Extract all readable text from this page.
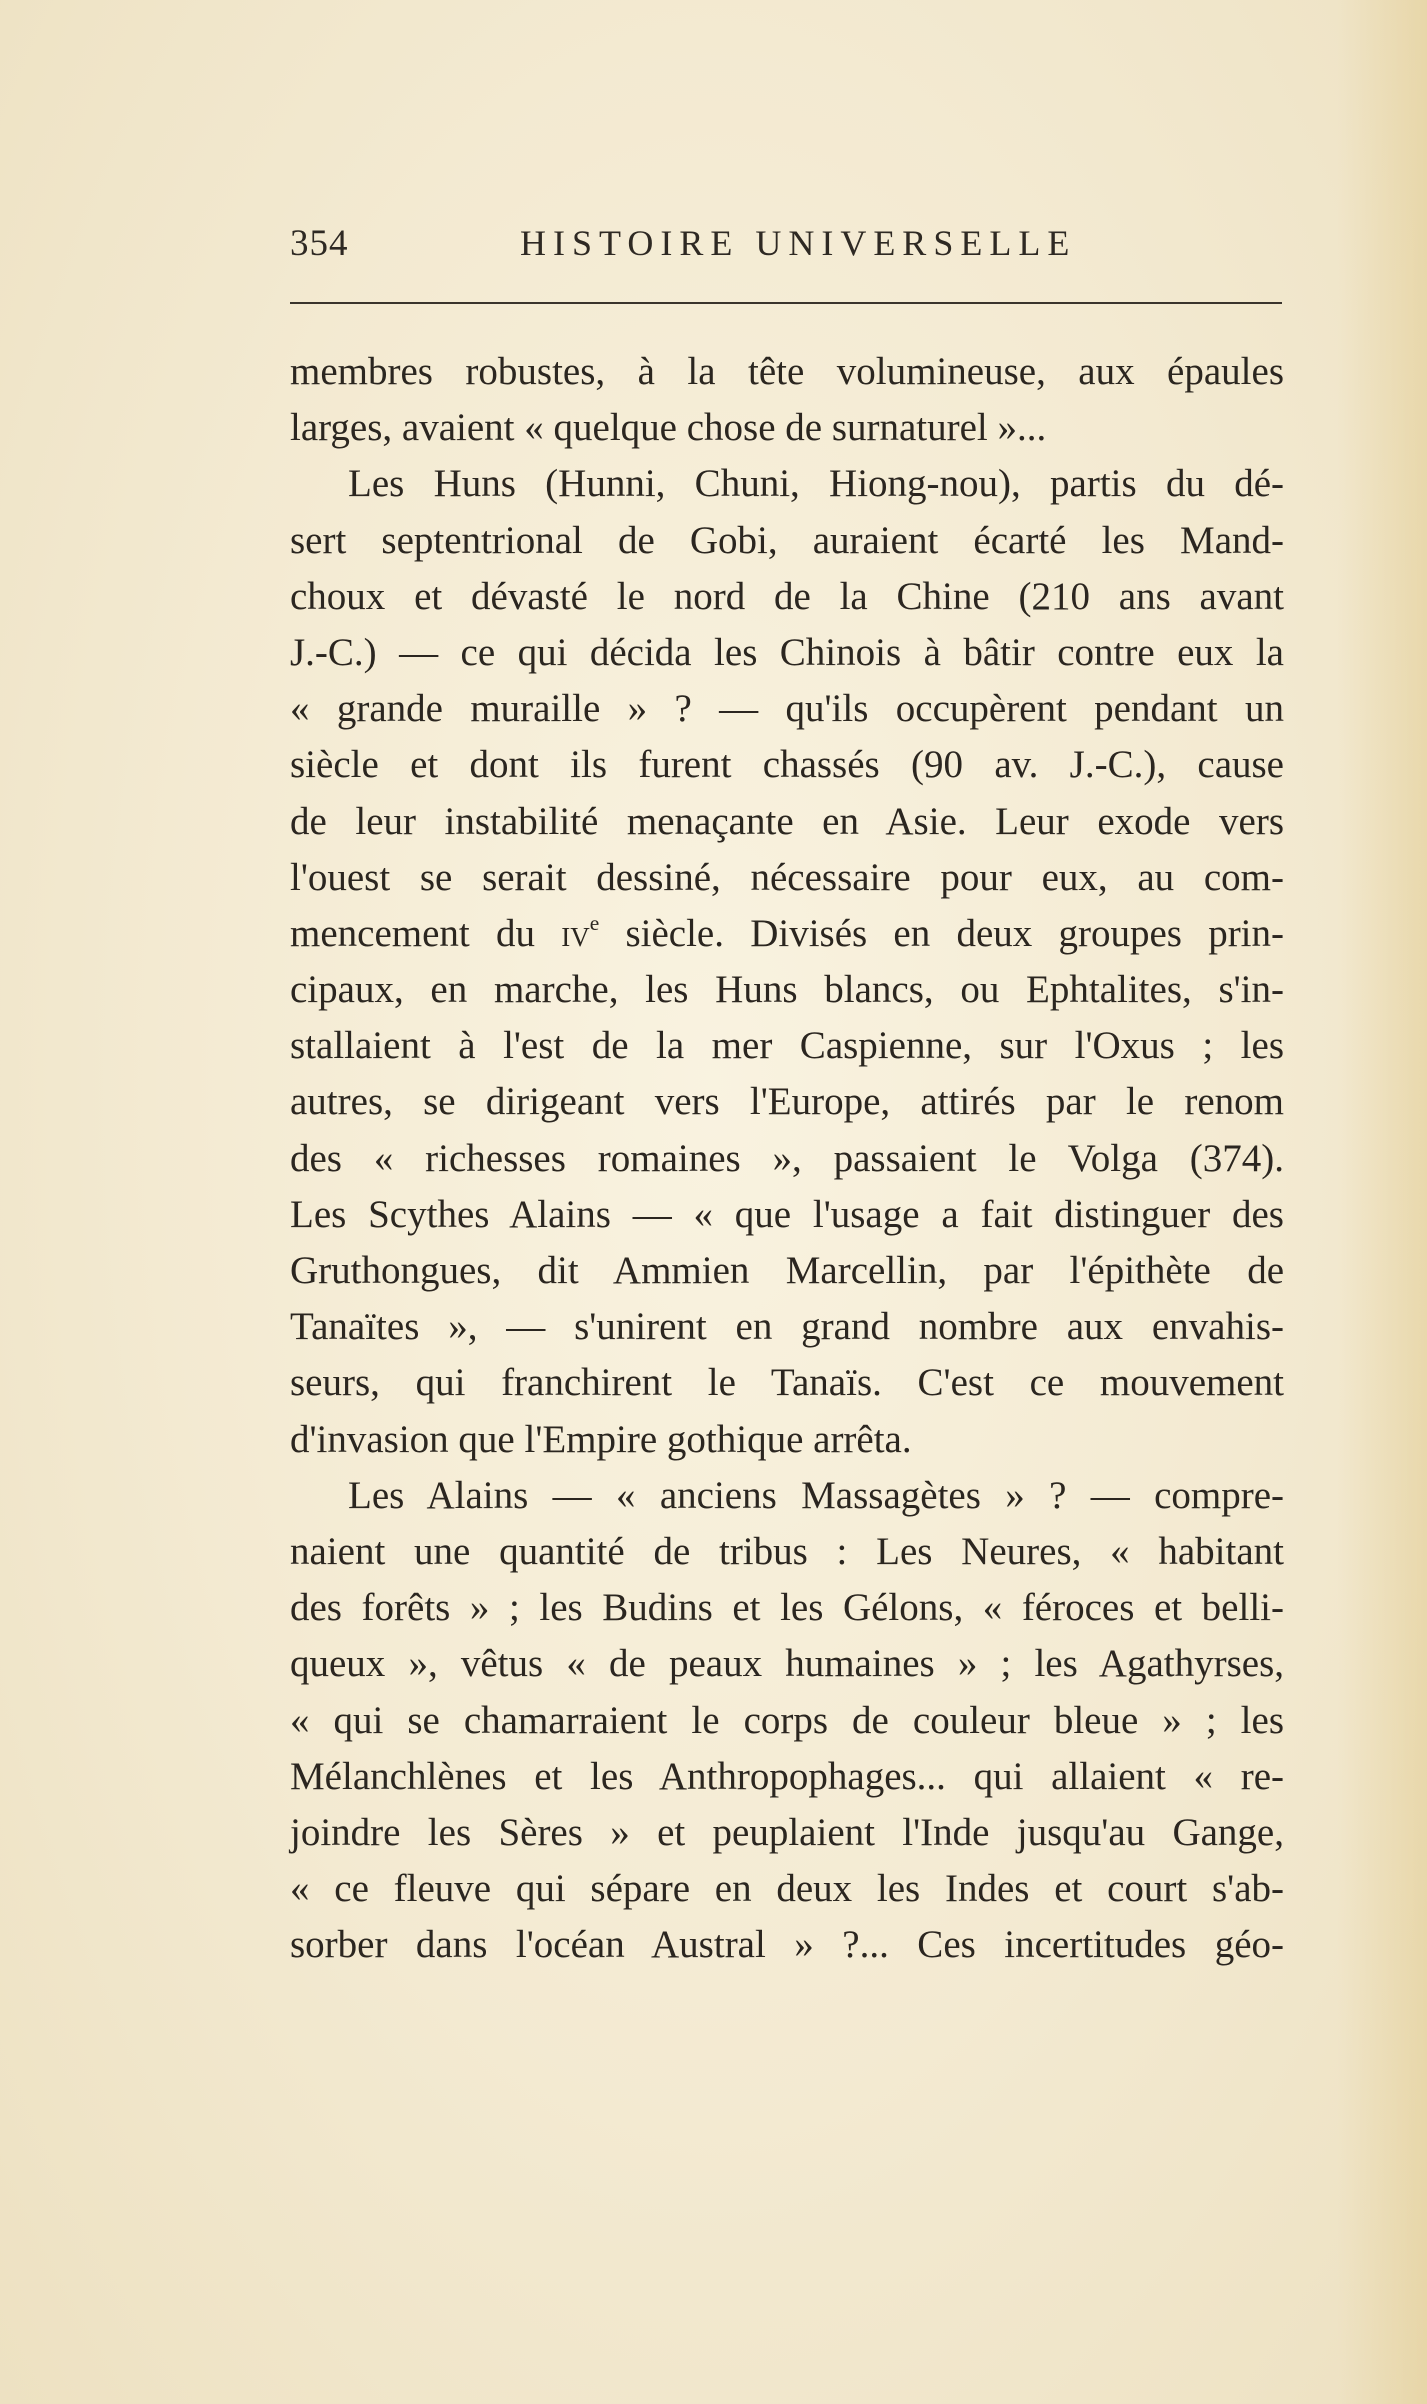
354	HISTOIRE UNIVERSELLE
membres robustes, à la tête volumineuse, aux épaules
larges, avaient « quelque chose de surnaturel »...
Les Huns (Hunni, Chuni, Hiong-nou), partis du dé-
sert septentrional de Gobi, auraient écarté les Mand-
choux et dévasté le nord de la Chine (210 ans avant
J.-C.) — ce qui décida les Chinois à bâtir contre eux la
« grande muraille » ? — qu'ils occupèrent pendant un
siècle et dont ils furent chassés (90 av. J.-C.), cause
de leur instabilité menaçante en Asie. Leur exode vers
l'ouest se serait dessiné, nécessaire pour eux, au com-
mencement du $iv^e$ siècle. Divisés en deux groupes prin-
cipaux, en marche, les Huns blancs, ou Ephtalites, s'in-
stallaient à l'est de la mer Caspienne, sur l'Oxus ; les
autres, se dirigeant vers l'Europe, attirés par le renom
des « richesses romaines », passaient le Volga (374).
Les Scythes Alains — « que l'usage a fait distinguer des
Gruthongues, dit Ammien Marcellin, par l'épithète de
Tanaïtes », — s'unirent en grand nombre aux envahis-
seurs, qui franchirent le Tanaïs. C'est ce mouvement
d'invasion que l'Empire gothique arrêta.
Les Alains — « anciens Massagètes » ? — compre-
naient une quantité de tribus : Les Neures, « habitant
des forêts » ; les Budins et les Gélons, « féroces et belli-
queux », vêtus « de peaux humaines » ; les Agathyrses,
« qui se chamarraient le corps de couleur bleue » ; les
Mélanchlènes et les Anthropophages... qui allaient « re-
joindre les Sères » et peuplaient l'Inde jusqu'au Gange,
« ce fleuve qui sépare en deux les Indes et court s'ab-
sorber dans l'océan Austral » ?... Ces incertitudes géo-
